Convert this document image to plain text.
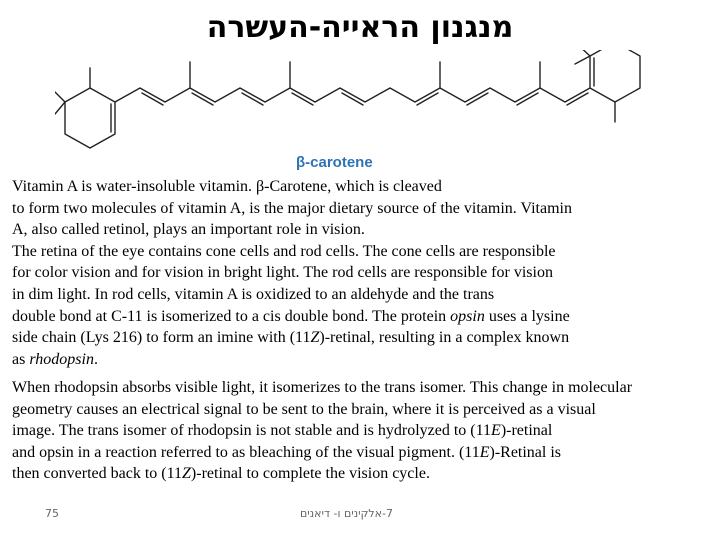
מנגנון הראייה-העשרה
β-carotene

Vitamin A is water-insoluble vitamin. β-Carotene, which is cleaved
to form two molecules of vitamin A, is the major dietary source of the vitamin. Vitamin
A, also called retinol, plays an important role in vision.
The retina of the eye contains cone cells and rod cells. The cone cells are responsible
for color vision and for vision in bright light. The rod cells are responsible for vision
in dim light. In rod cells, vitamin A is oxidized to an aldehyde and the trans
double bond at C-11 is isomerized to a cis double bond. The protein opsin uses a lysine
side chain (Lys 216) to form an imine with (11Z)-retinal, resulting in a complex known
as rhodopsin.

When rhodopsin absorbs visible light, it isomerizes to the trans isomer. This change in molecular
geometry causes an electrical signal to be sent to the brain, where it is perceived as a visual
image. The trans isomer of rhodopsin is not stable and is hydrolyzed to (11E)-retinal
and opsin in a reaction referred to as bleaching of the visual pigment. (11E)-Retinal is
then converted back to (11Z)-retinal to complete the vision cycle.

75	7-אלקינים ו- דיאנים
